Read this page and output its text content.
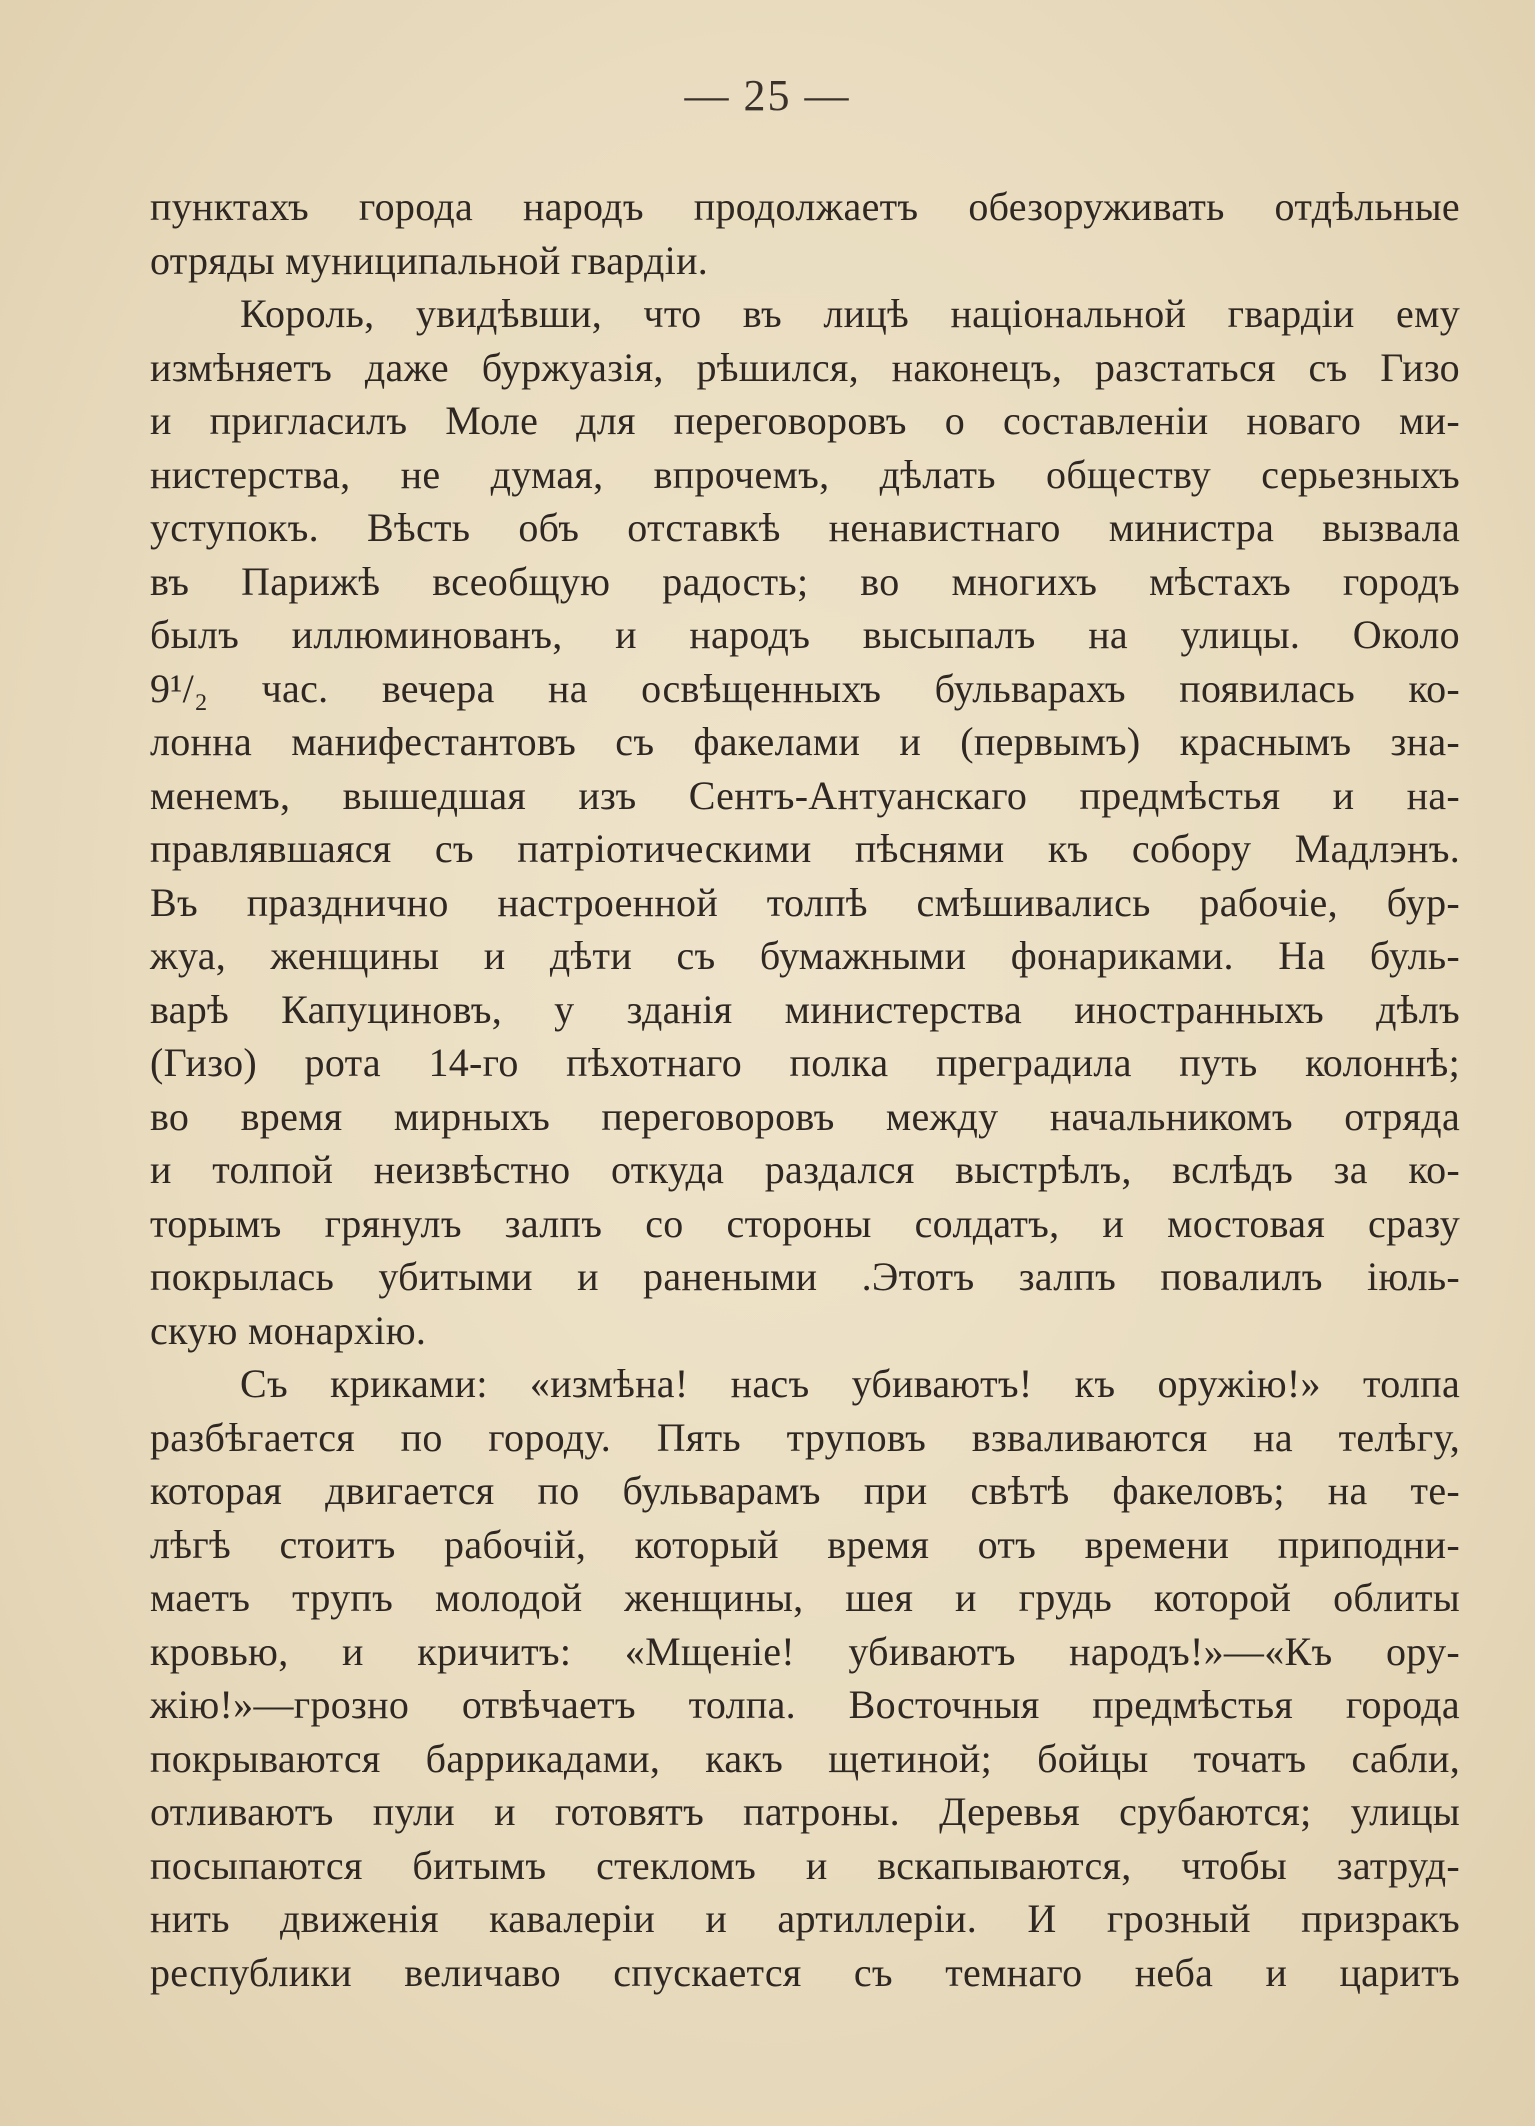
— 25 —
пунктахъ города народъ продолжаетъ обезоруживать отдѣльные
отряды муниципальной гвардіи.
Король, увидѣвши, что въ лицѣ національной гвардіи ему
измѣняетъ даже буржуазія, рѣшился, наконецъ, разстаться съ Гизо
и пригласилъ Моле для переговоровъ о составленіи новаго ми-
нистерства, не думая, впрочемъ, дѣлать обществу серьезныхъ
уступокъ. Вѣсть объ отставкѣ ненавистнаго министра вызвала
въ Парижѣ всеобщую радость; во многихъ мѣстахъ городъ
былъ иллюминованъ, и народъ высыпалъ на улицы. Около
9¹/₂ час. вечера на освѣщенныхъ бульварахъ появилась ко-
лонна манифестантовъ съ факелами и (первымъ) краснымъ зна-
менемъ, вышедшая изъ Сентъ-Антуанскаго предмѣстья и на-
правлявшаяся съ патріотическими пѣснями къ собору Мадлэнъ.
Въ празднично настроенной толпѣ смѣшивались рабочіе, бур-
жуа, женщины и дѣти съ бумажными фонариками. На буль-
варѣ Капуциновъ, у зданія министерства иностранныхъ дѣлъ
(Гизо) рота 14-го пѣхотнаго полка преградила путь колоннѣ;
во время мирныхъ переговоровъ между начальникомъ отряда
и толпой неизвѣстно откуда раздался выстрѣлъ, вслѣдъ за ко-
торымъ грянулъ залпъ со стороны солдатъ, и мостовая сразу
покрылась убитыми и ранеными .Этотъ залпъ повалилъ іюль-
скую монархію.
Съ криками: «измѣна! насъ убиваютъ! къ оружію!» толпа
разбѣгается по городу. Пять труповъ взваливаются на телѣгу,
которая двигается по бульварамъ при свѣтѣ факеловъ; на те-
лѣгѣ стоитъ рабочій, который время отъ времени приподни-
маетъ трупъ молодой женщины, шея и грудь которой облиты
кровью, и кричитъ: «Мщеніе! убиваютъ народъ!»—«Къ ору-
жію!»—грозно отвѣчаетъ толпа. Восточныя предмѣстья города
покрываются баррикадами, какъ щетиной; бойцы точатъ сабли,
отливаютъ пули и готовятъ патроны. Деревья срубаются; улицы
посыпаются битымъ стекломъ и вскапываются, чтобы затруд-
нить движенія кавалеріи и артиллеріи. И грозный призракъ
республики величаво спускается съ темнаго неба и царитъ
